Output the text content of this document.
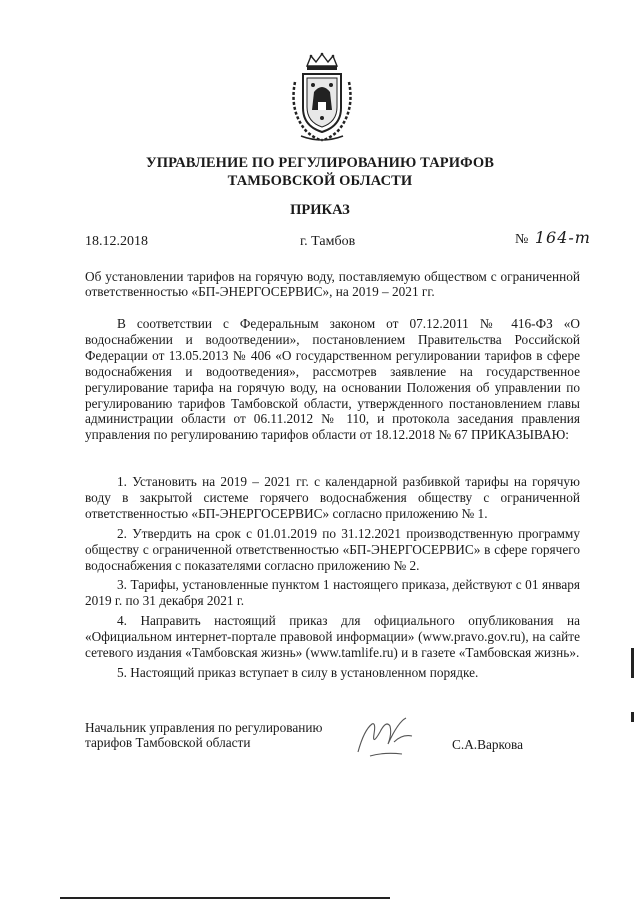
УПРАВЛЕНИЕ ПО РЕГУЛИРОВАНИЮ ТАРИФОВ
ТАМБОВСКОЙ ОБЛАСТИ
ПРИКАЗ
18.12.2018	г. Тамбов	№ 164-т
Об установлении тарифов на горячую воду, поставляемую обществом с ограниченной ответственностью «БП-ЭНЕРГОСЕРВИС», на 2019 – 2021 гг.

В соответствии с Федеральным законом от 07.12.2011 № 416-ФЗ «О водоснабжении и водоотведении», постановлением Правительства Российской Федерации от 13.05.2013 № 406 «О государственном регулировании тарифов в сфере водоснабжения и водоотведения», рассмотрев заявление на государственное регулирование тарифа на горячую воду, на основании Положения об управлении по регулированию тарифов Тамбовской области, утвержденного постановлением главы администрации области от 06.11.2012 № 110, и протокола заседания правления управления по регулированию тарифов области от 18.12.2018 № 67 ПРИКАЗЫВАЮ:

1. Установить на 2019 – 2021 гг. с календарной разбивкой тарифы на горячую воду в закрытой системе горячего водоснабжения обществу с ограниченной ответственностью «БП-ЭНЕРГОСЕРВИС» согласно приложению № 1.

2. Утвердить на срок с 01.01.2019 по 31.12.2021 производственную программу обществу с ограниченной ответственностью «БП-ЭНЕРГОСЕРВИС» в сфере горячего водоснабжения с показателями согласно приложению № 2.

3. Тарифы, установленные пунктом 1 настоящего приказа, действуют с 01 января 2019 г. по 31 декабря 2021 г.

4. Направить настоящий приказ для официального опубликования на «Официальном интернет-портале правовой информации» (www.pravo.gov.ru), на сайте сетевого издания «Тамбовская жизнь» (www.tamlife.ru) и в газете «Тамбовская жизнь».

5. Настоящий приказ вступает в силу в установленном порядке.

Начальник управления по регулированию
тарифов Тамбовской области	С.А.Варкова
